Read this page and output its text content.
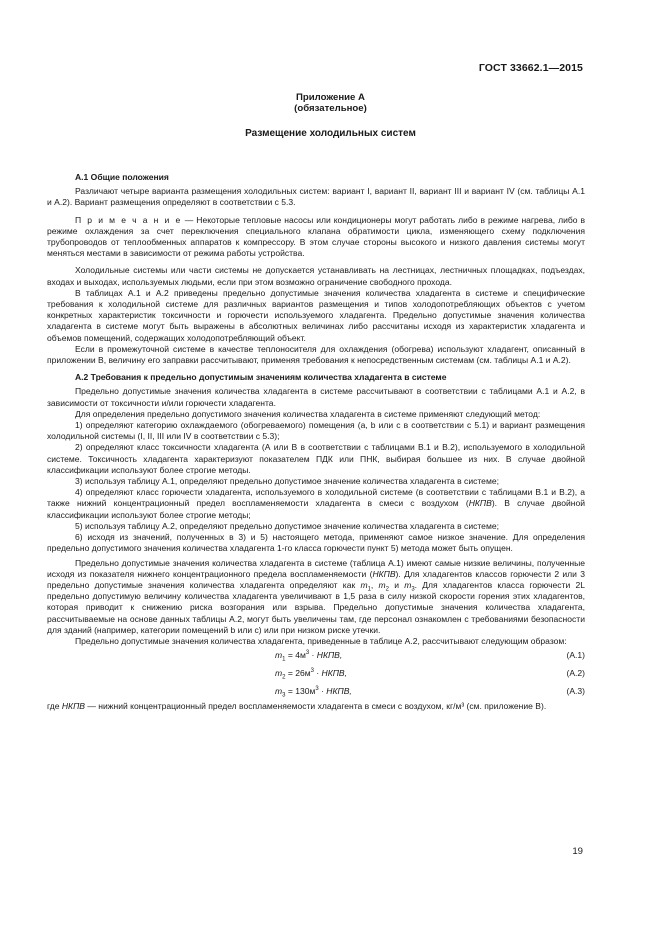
ГОСТ 33662.1—2015
Приложение А
(обязательное)
Размещение холодильных систем

А.1 Общие положения

Различают четыре варианта размещения холодильных систем: вариант I, вариант II, вариант III и вариант IV (см. таблицы А.1 и А.2). Вариант размещения определяют в соответствии с 5.3.

П р и м е ч а н и е — Некоторые тепловые насосы или кондиционеры могут работать либо в режиме нагрева, либо в режиме охлаждения за счет переключения специального клапана обратимости цикла, изменяющего схему подключения трубопроводов от теплообменных аппаратов к компрессору. В этом случае стороны высокого и низкого давления системы могут меняться местами в зависимости от режима работы устройства.

Холодильные системы или части системы не допускается устанавливать на лестницах, лестничных площадках, подъездах, входах и выходах, используемых людьми, если при этом возможно ограничение свободного прохода.

В таблицах А.1 и А.2 приведены предельно допустимые значения количества хладагента в системе и специфические требования к холодильной системе для различных вариантов размещения и типов холодопотребляющих объектов с учетом конкретных характеристик токсичности и горючести используемого хладагента. Предельно допустимые значения количества хладагента в системе могут быть выражены в абсолютных величинах либо рассчитаны исходя из характеристик хладагента и объемов помещений, содержащих холодопотребляющий объект.

Если в промежуточной системе в качестве теплоносителя для охлаждения (обогрева) используют хладагент, описанный в приложении В, величину его заправки рассчитывают, применяя требования к непосредственным системам (см. таблицы А.1 и А.2).

А.2 Требования к предельно допустимым значениям количества хладагента в системе

Предельно допустимые значения количества хладагента в системе рассчитывают в соответствии с таблицами А.1 и А.2, в зависимости от токсичности и/или горючести хладагента.

Для определения предельно допустимого значения количества хладагента в системе применяют следующий метод:

1) определяют категорию охлаждаемого (обогреваемого) помещения (а, b или с в соответствии с 5.1) и вариант размещения холодильной системы (I, II, III или IV в соответствии с 5.3);

2) определяют класс токсичности хладагента (А или В в соответствии с таблицами В.1 и В.2), используемого в холодильной системе. Токсичность хладагента характеризуют показателем ПДК или ПНК, выбирая большее из них. В случае двойной классификации используют более строгие методы.

3) используя таблицу А.1, определяют предельно допустимое значение количества хладагента в системе;

4) определяют класс горючести хладагента, используемого в холодильной системе (в соответствии с таблицами В.1 и В.2), а также нижний концентрационный предел воспламеняемости хладагента в смеси с воздухом (НКПВ). В случае двойной классификации используют более строгие методы;

5) используя таблицу А.2, определяют предельно допустимое значение количества хладагента в системе;

6) исходя из значений, полученных в 3) и 5) настоящего метода, применяют самое низкое значение. Для определения предельно допустимого значения количества хладагента 1-го класса горючести пункт 5) метода может быть опущен.

Предельно допустимые значения количества хладагента в системе (таблица А.1) имеют самые низкие величины, полученные исходя из показателя нижнего концентрационного предела воспламеняемости (НКПВ). Для хладагентов классов горючести 2 или 3 предельно допустимые значения количества хладагента определяют как $m_1$, $m_2$ и $m_3$. Для хладагентов класса горючести 2L предельно допустимую величину количества хладагента увеличивают в 1,5 раза в силу низкой скорости горения этих хладагентов, которая приводит к снижению риска возгорания или взрыва. Предельно допустимые значения количества хладагента, рассчитываемые на основе данных таблицы А.2, могут быть увеличены там, где персонал ознакомлен с требованиями безопасности для зданий (например, категории помещений b или с) или при низком риске утечки.

Предельно допустимые значения количества хладагента, приведенные в таблице А.2, рассчитывают следующим образом:

$m_1 = 4м^3$ · НКПВ,	(А.1)
$m_2 = 26м^3$ · НКПВ,	(А.2)
$m_3 = 130м^3$ · НКПВ,	(А.3)

где НКПВ — нижний концентрационный предел воспламеняемости хладагента в смеси с воздухом, кг/м³ (см. приложение В).

19
